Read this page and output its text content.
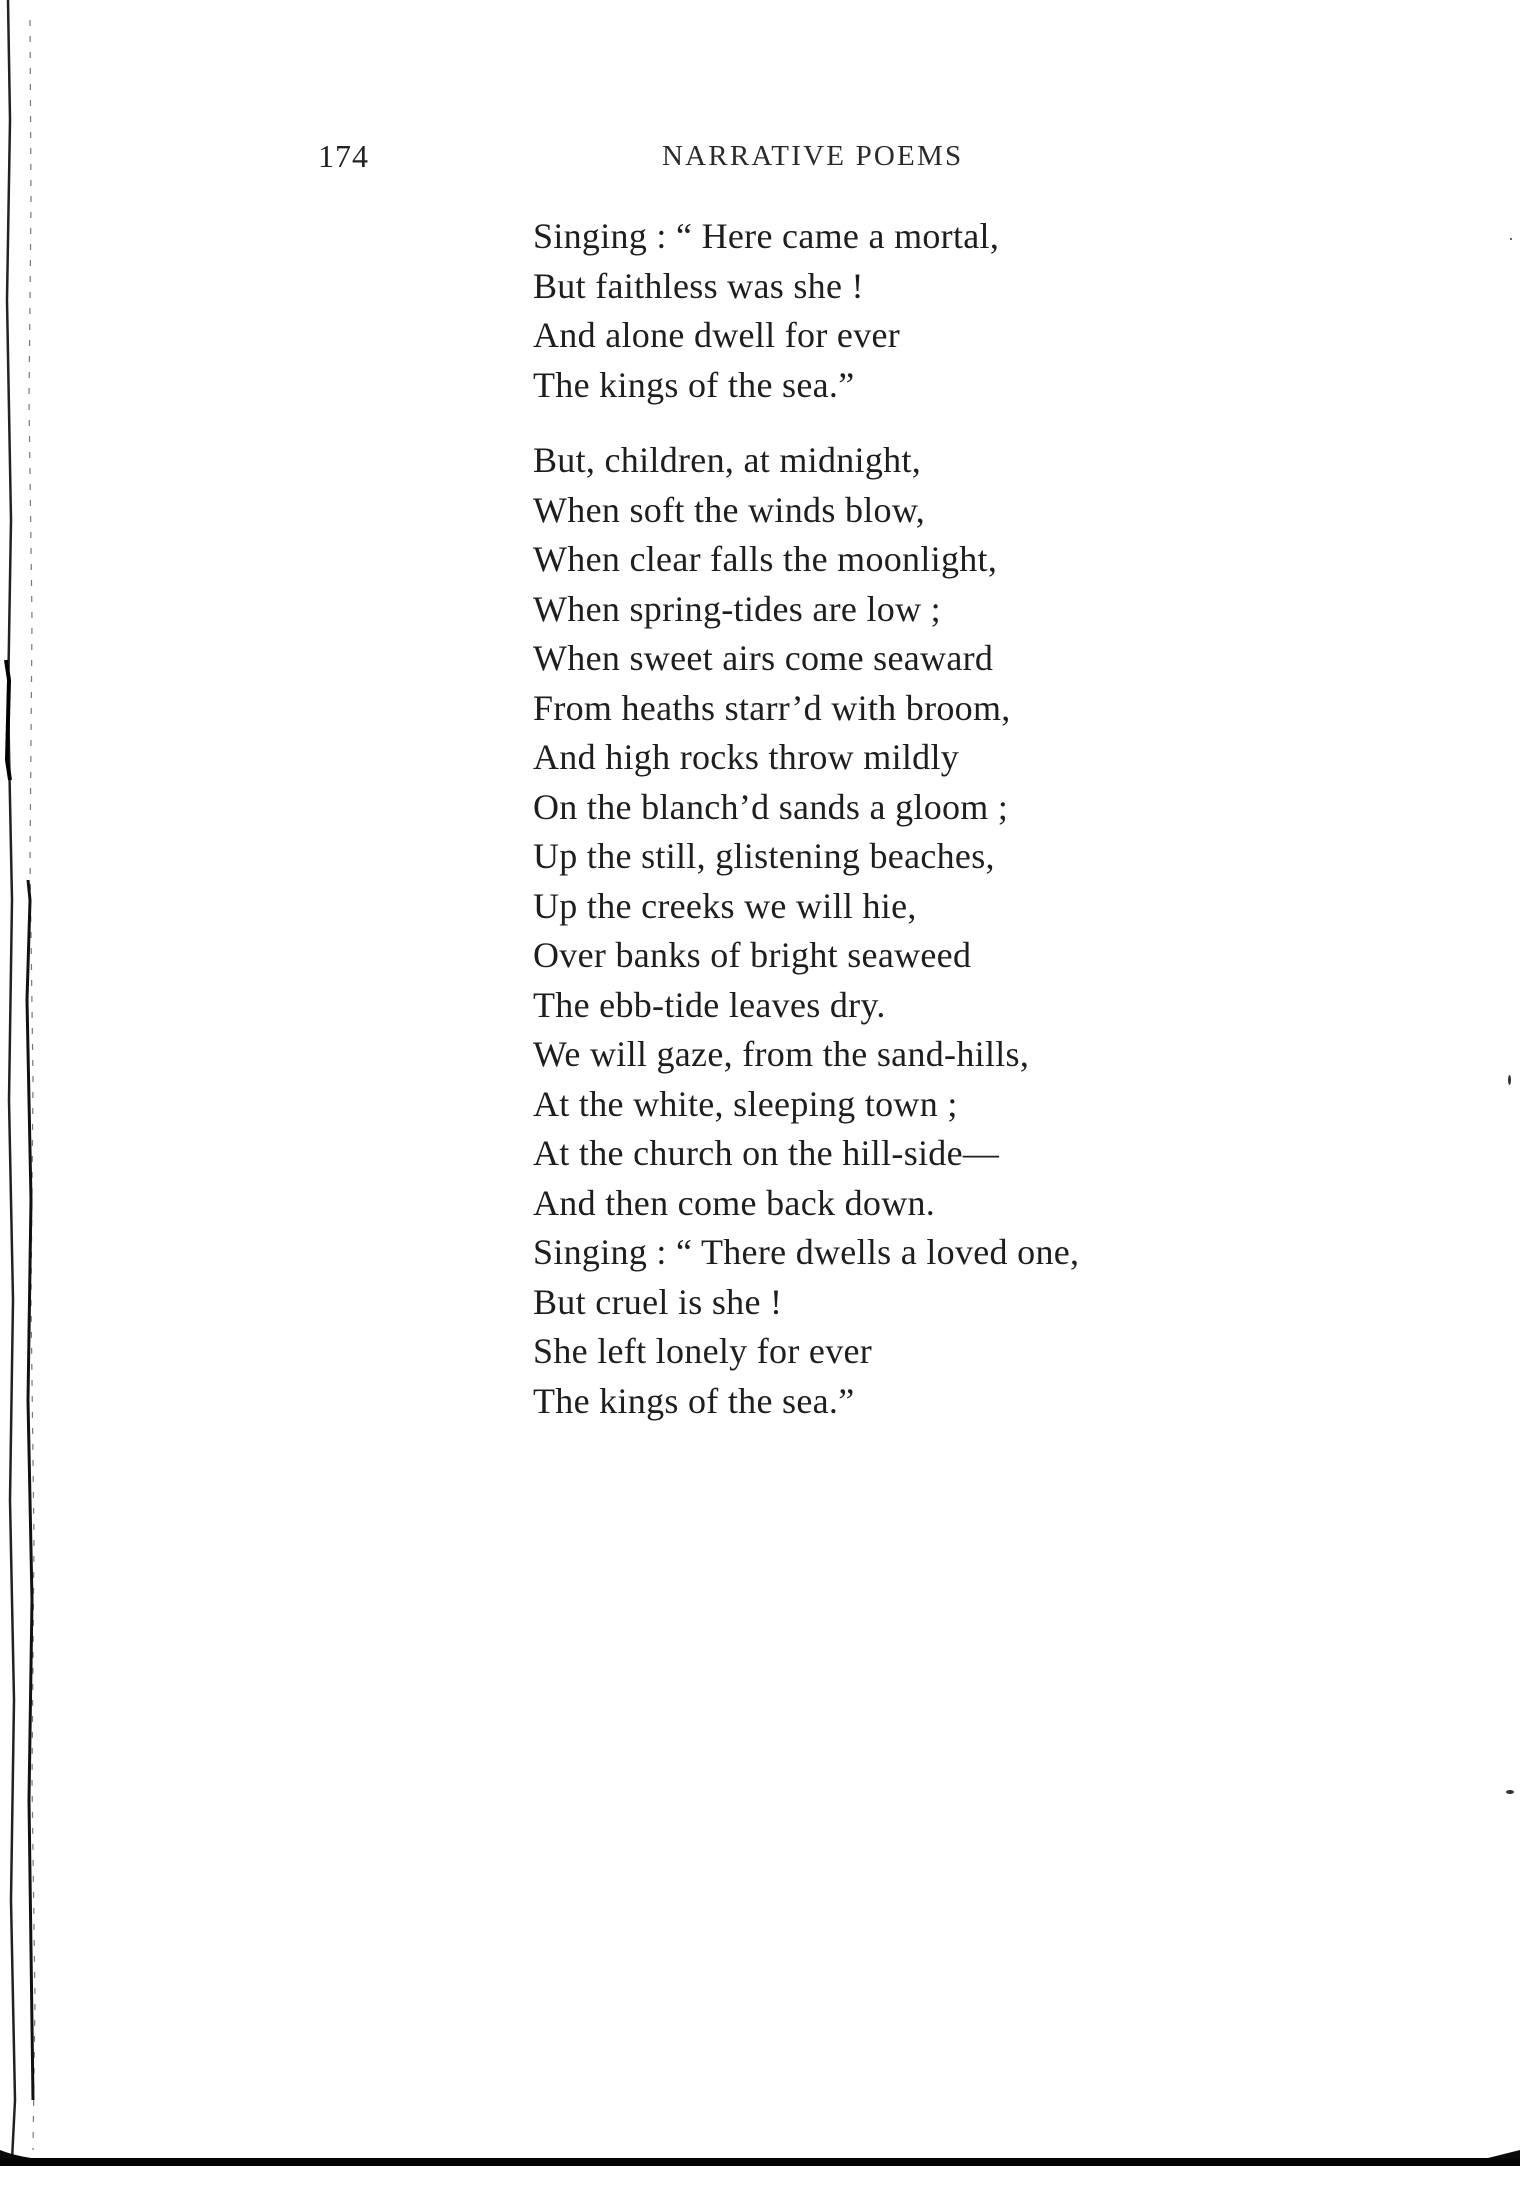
174	NARRATIVE POEMS
Singing : “ Here came a mortal,
But faithless was she !
And alone dwell for ever
The kings of the sea.”
But, children, at midnight,
When soft the winds blow,
When clear falls the moonlight,
When spring-tides are low ;
When sweet airs come seaward
From heaths starr’d with broom,
And high rocks throw mildly
On the blanch’d sands a gloom ;
Up the still, glistening beaches,
Up the creeks we will hie,
Over banks of bright seaweed
The ebb-tide leaves dry.
We will gaze, from the sand-hills,
At the white, sleeping town ;
At the church on the hill-side—
And then come back down.
Singing : “ There dwells a loved one,
But cruel is she !
She left lonely for ever
The kings of the sea.”
